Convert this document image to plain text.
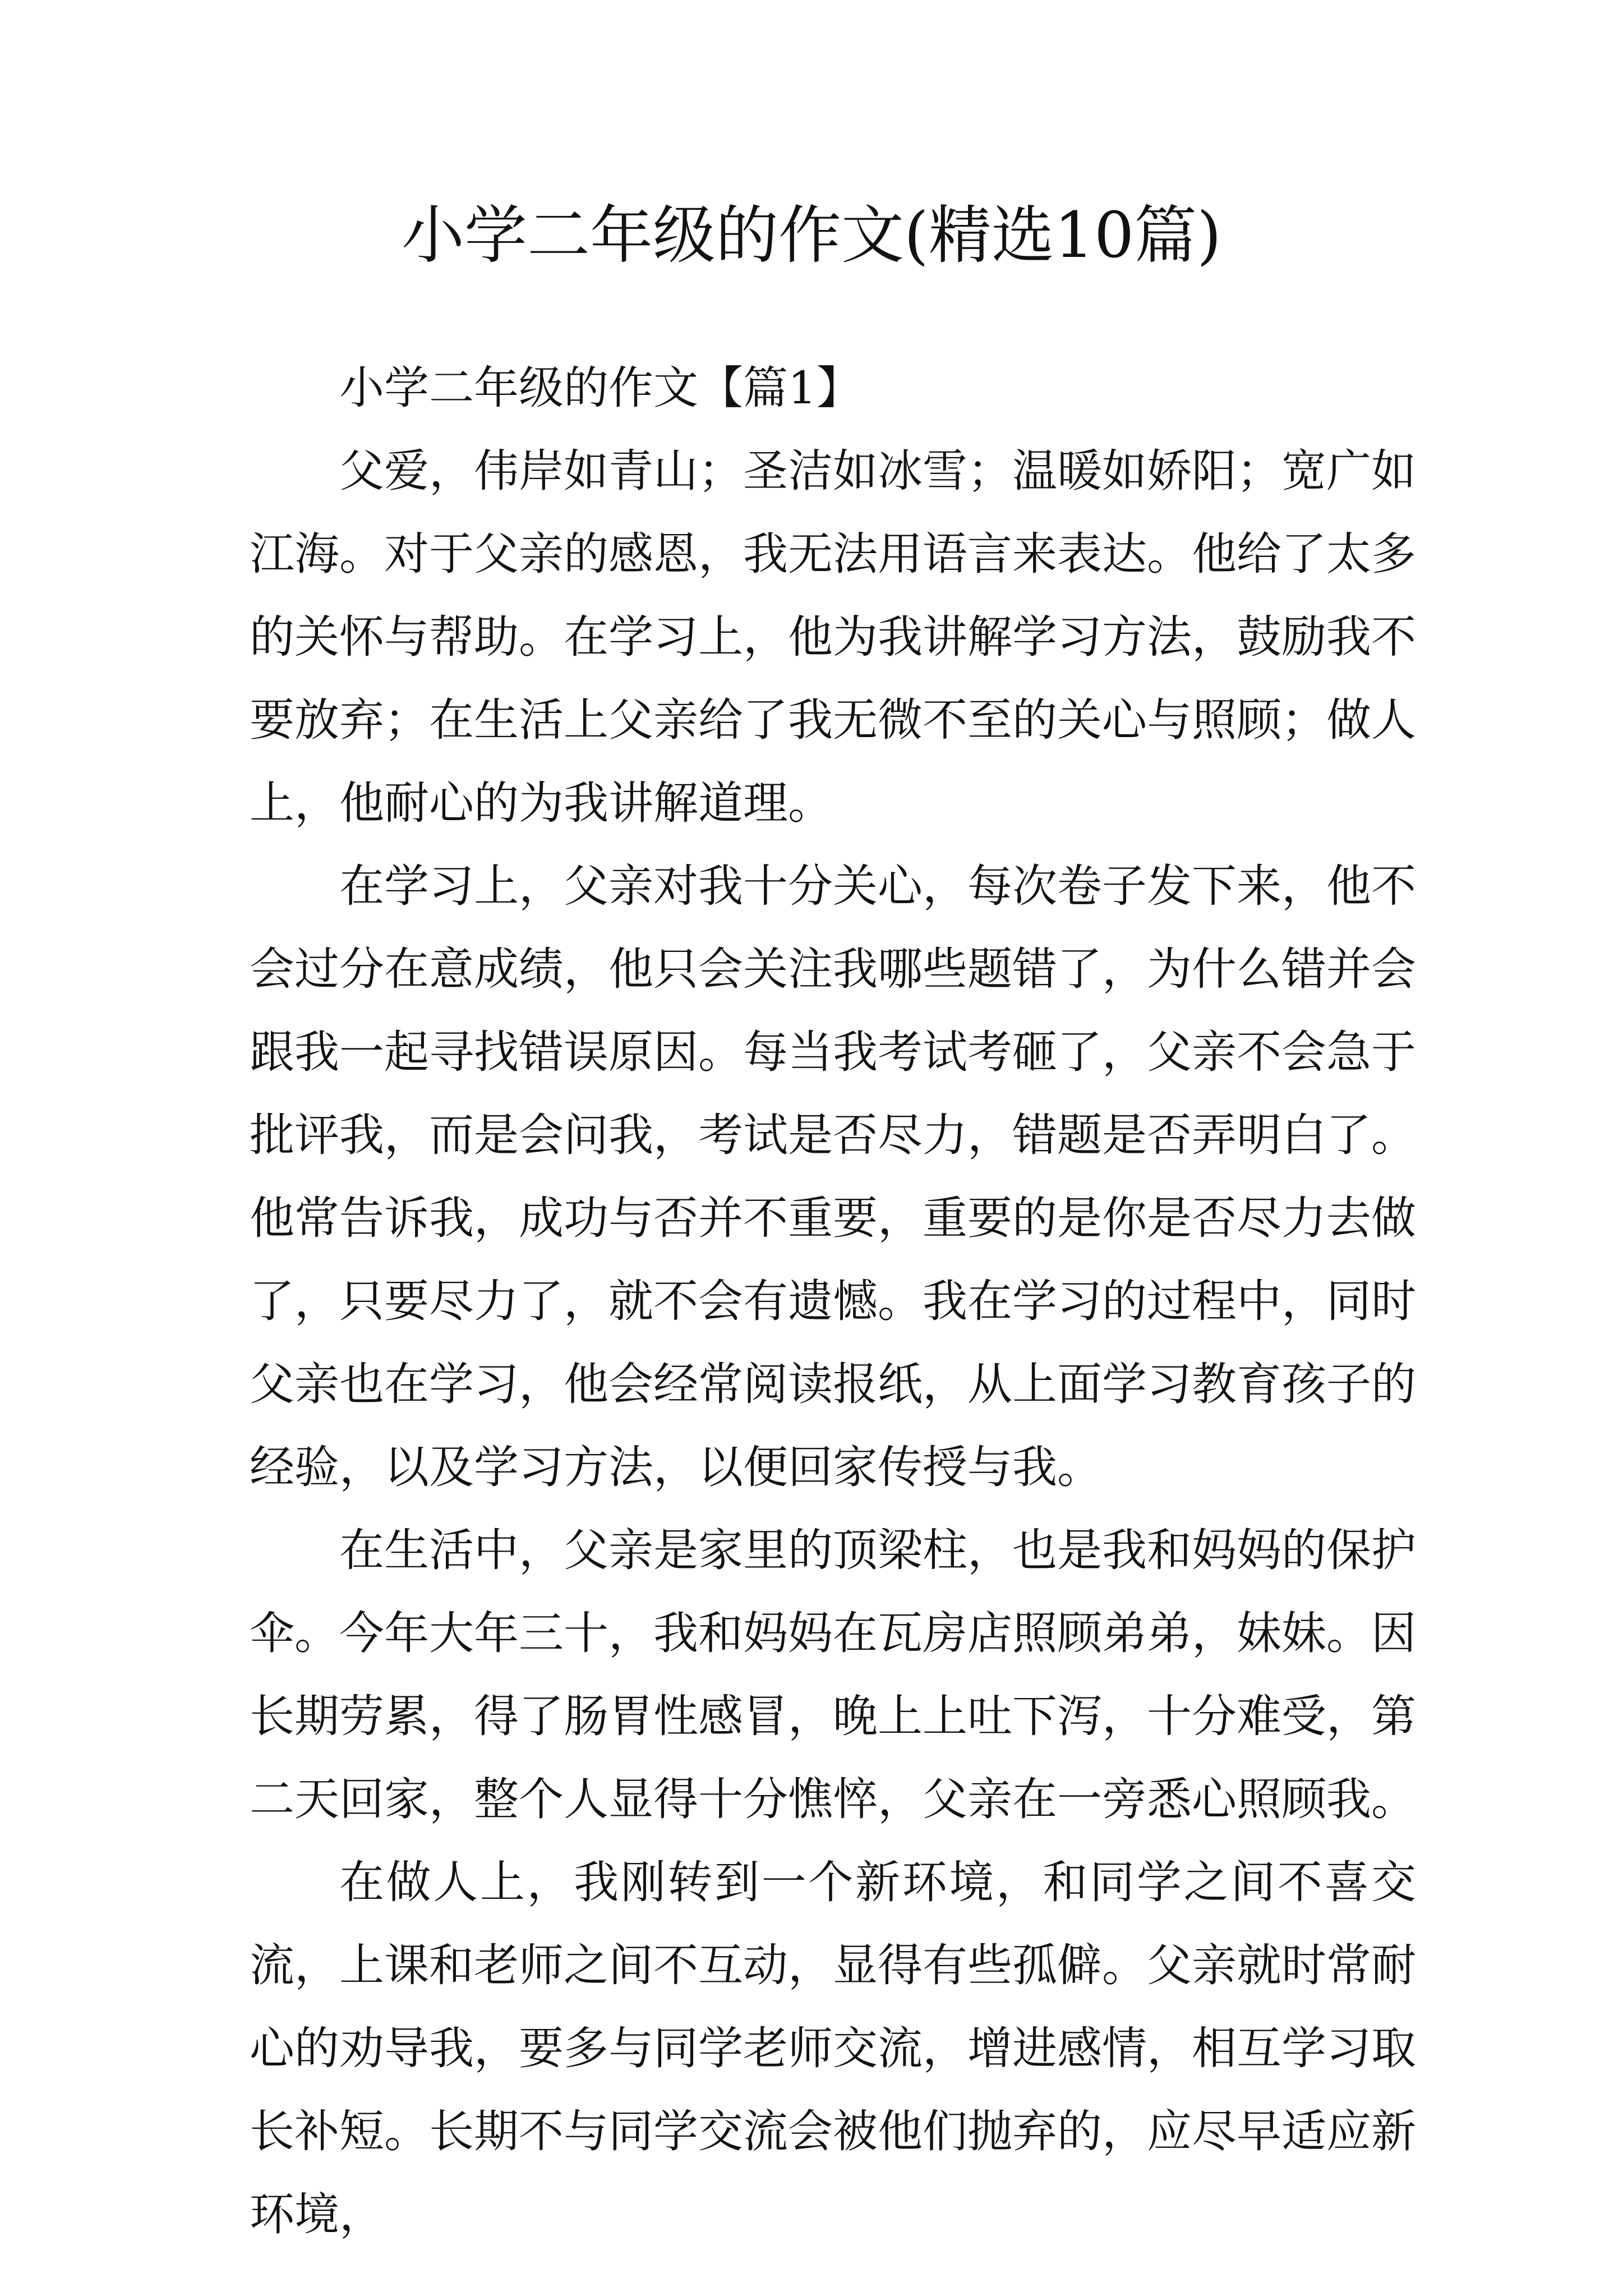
小学二年级的作文(精选10篇)

小学二年级的作文【篇1】

父爱，伟岸如青山；圣洁如冰雪；温暖如娇阳；宽广如江海。对于父亲的感恩，我无法用语言来表达。他给了太多的关怀与帮助。在学习上，他为我讲解学习方法，鼓励我不要放弃；在生活上父亲给了我无微不至的关心与照顾；做人上，他耐心的为我讲解道理。

在学习上，父亲对我十分关心，每次卷子发下来，他不会过分在意成绩，他只会关注我哪些题错了，为什么错并会跟我一起寻找错误原因。每当我考试考砸了，父亲不会急于批评我，而是会问我，考试是否尽力，错题是否弄明白了。他常告诉我，成功与否并不重要，重要的是你是否尽力去做了，只要尽力了，就不会有遗憾。我在学习的过程中，同时父亲也在学习，他会经常阅读报纸，从上面学习教育孩子的经验，以及学习方法，以便回家传授与我。

在生活中，父亲是家里的顶梁柱，也是我和妈妈的保护伞。今年大年三十，我和妈妈在瓦房店照顾弟弟，妹妹。因长期劳累，得了肠胃性感冒，晚上上吐下泻，十分难受，第二天回家，整个人显得十分憔悴，父亲在一旁悉心照顾我。

在做人上，我刚转到一个新环境，和同学之间不喜交流，上课和老师之间不互动，显得有些孤僻。父亲就时常耐心的劝导我，要多与同学老师交流，增进感情，相互学习取长补短。长期不与同学交流会被他们抛弃的，应尽早适应新环境，
